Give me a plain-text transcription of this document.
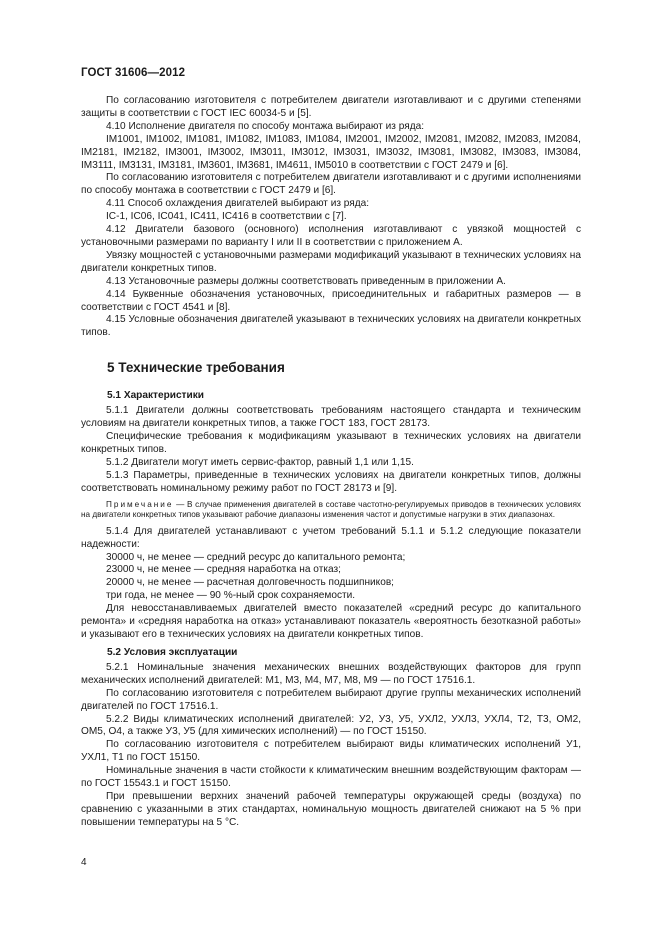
ГОСТ 31606—2012

По согласованию изготовителя с потребителем двигатели изготавливают и с другими степенями защиты в соответствии с ГОСТ IEC 60034-5 и [5].

4.10 Исполнение двигателя по способу монтажа выбирают из ряда:

IM1001, IM1002, IM1081, IM1082, IM1083, IM1084, IM2001, IM2002, IM2081, IM2082, IM2083, IM2084, IM2181, IM2182, IM3001, IM3002, IM3011, IM3012, IM3031, IM3032, IM3081, IM3082, IM3083, IM3084, IM3111, IM3131, IM3181, IM3601, IM3681, IM4611, IM5010 в соответствии с ГОСТ 2479 и [6].

По согласованию изготовителя с потребителем двигатели изготавливают и с другими исполнениями по способу монтажа в соответствии с ГОСТ 2479 и [6].

4.11 Способ охлаждения двигателей выбирают из ряда:

IC-1, IC06, IC041, IC411, IC416 в соответствии с [7].

4.12 Двигатели базового (основного) исполнения изготавливают с увязкой мощностей с установочными размерами по варианту I или II в соответствии с приложением А.

Увязку мощностей с установочными размерами модификаций указывают в технических условиях на двигатели конкретных типов.

4.13 Установочные размеры должны соответствовать приведенным в приложении А.

4.14 Буквенные обозначения установочных, присоединительных и габаритных размеров — в соответствии с ГОСТ 4541 и [8].

4.15 Условные обозначения двигателей указывают в технических условиях на двигатели конкретных типов.

5 Технические требования
5.1 Характеристики

5.1.1 Двигатели должны соответствовать требованиям настоящего стандарта и техническим условиям на двигатели конкретных типов, а также ГОСТ 183, ГОСТ 28173.

Специфические требования к модификациям указывают в технических условиях на двигатели конкретных типов.

5.1.2 Двигатели могут иметь сервис-фактор, равный 1,1 или 1,15.

5.1.3 Параметры, приведенные в технических условиях на двигатели конкретных типов, должны соответствовать номинальному режиму работ по ГОСТ 28173 и [9].

Примечание — В случае применения двигателей в составе частотно-регулируемых приводов в технических условиях на двигатели конкретных типов указывают рабочие диапазоны изменения частот и допустимые нагрузки в этих диапазонах.

5.1.4 Для двигателей устанавливают с учетом требований 5.1.1 и 5.1.2 следующие показатели надежности:

30000 ч, не менее — средний ресурс до капитального ремонта;
23000 ч, не менее — средняя наработка на отказ;
20000 ч, не менее — расчетная долговечность подшипников;
три года, не менее — 90 %-ный срок сохраняемости.

Для невосстанавливаемых двигателей вместо показателей «средний ресурс до капитального ремонта» и «средняя наработка на отказ» устанавливают показатель «вероятность безотказной работы» и указывают его в технических условиях на двигатели конкретных типов.

5.2 Условия эксплуатации

5.2.1 Номинальные значения механических внешних воздействующих факторов для групп механических исполнений двигателей: М1, М3, М4, М7, М8, М9 — по ГОСТ 17516.1.

По согласованию изготовителя с потребителем выбирают другие группы механических исполнений двигателей по ГОСТ 17516.1.

5.2.2 Виды климатических исполнений двигателей: У2, У3, У5, УХЛ2, УХЛ3, УХЛ4, Т2, Т3, ОМ2, ОМ5, О4, а также У3, У5 (для химических исполнений) — по ГОСТ 15150.

По согласованию изготовителя с потребителем выбирают виды климатических исполнений У1, УХЛ1, Т1 по ГОСТ 15150.

Номинальные значения в части стойкости к климатическим внешним воздействующим факторам — по ГОСТ 15543.1 и ГОСТ 15150.

При превышении верхних значений рабочей температуры окружающей среды (воздуха) по сравнению с указанными в этих стандартах, номинальную мощность двигателей снижают на 5 % при повышении температуры на 5 °С.

4
